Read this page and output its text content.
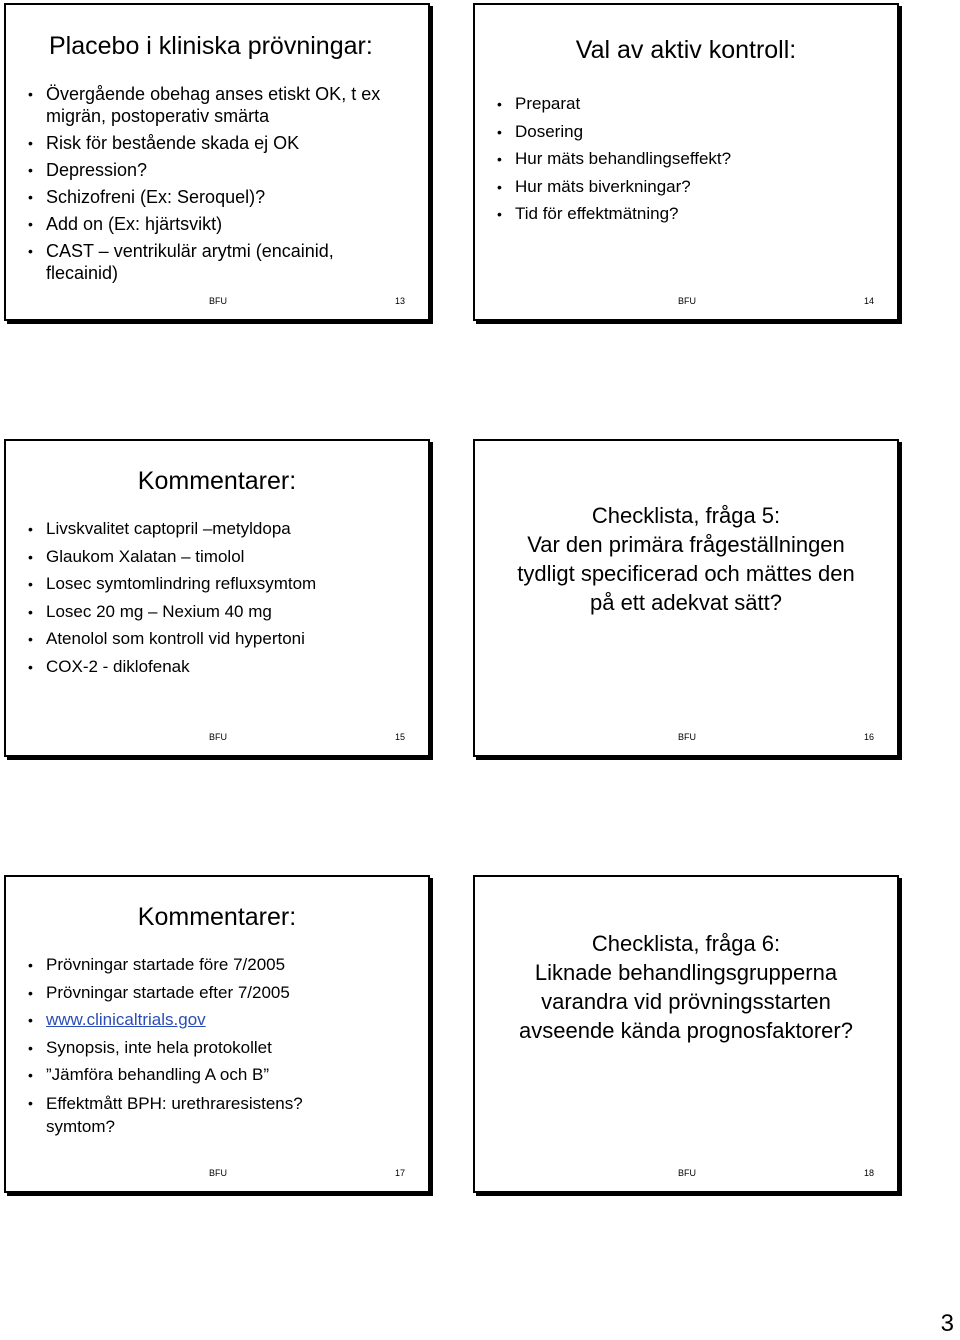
Placebo i kliniska prövningar:
• Övergående obehag anses etiskt OK, t ex
migrän, postoperativ smärta
• Risk för bestående skada ej OK
• Depression?
• Schizofreni (Ex: Seroquel)?
• Add on (Ex: hjärtsvikt)
• CAST – ventrikulär arytmi (encainid,
flecainid)
BFU	13
Val av aktiv kontroll:
• Preparat
• Dosering
• Hur mäts behandlingseffekt?
• Hur mäts biverkningar?
• Tid för effektmätning?
BFU	14
Kommentarer:
• Livskvalitet captopril –metyldopa
• Glaukom Xalatan – timolol
• Losec symtomlindring refluxsymtom
• Losec 20 mg – Nexium 40 mg
• Atenolol som kontroll vid hypertoni
• COX-2 - diklofenak
BFU	15
Checklista, fråga 5:
Var den primära frågeställningen
tydligt specificerad och mättes den
på ett adekvat sätt?
BFU	16
Kommentarer:
• Prövningar startade före 7/2005
• Prövningar startade efter 7/2005
• www.clinicaltrials.gov
• Synopsis, inte hela protokollet
• ”Jämföra behandling A och B”
• Effektmått BPH: urethraresistens?
symtom?
BFU	17
Checklista, fråga 6:
Liknade behandlingsgrupperna
varandra vid prövningsstarten
avseende kända prognosfaktorer?
BFU	18
3
